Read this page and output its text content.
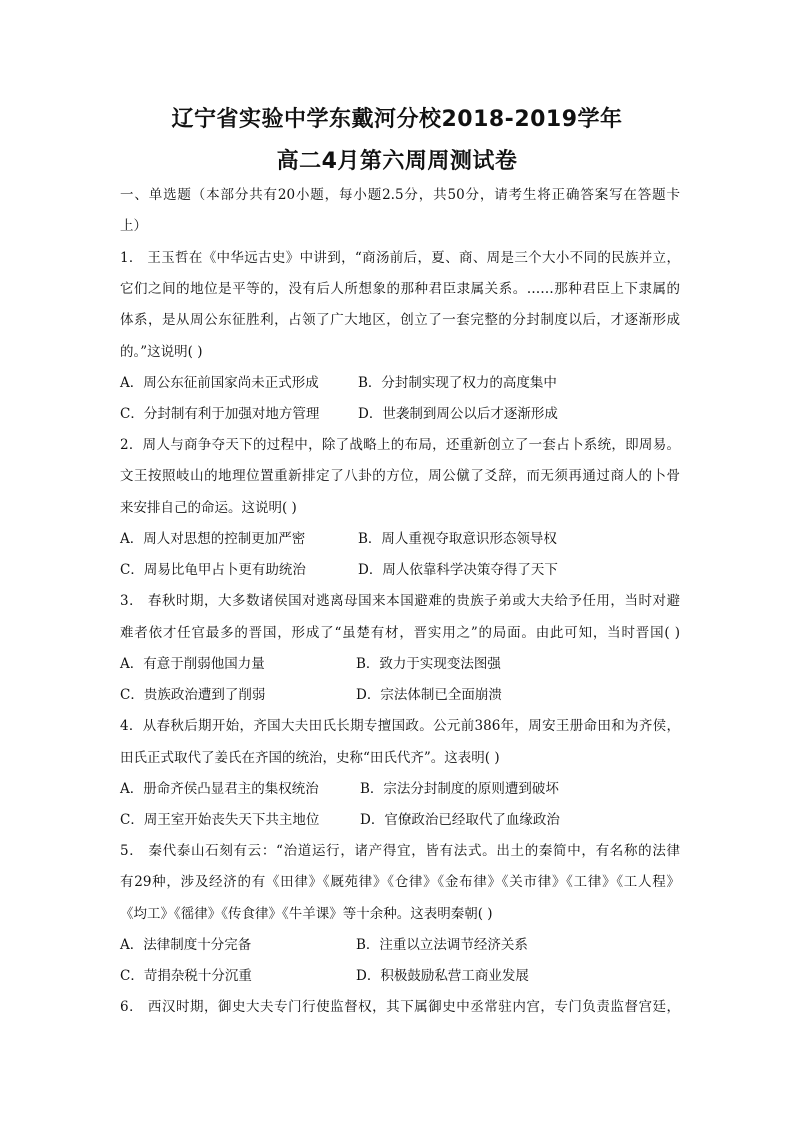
辽宁省实验中学东戴河分校2018-2019学年
高二4月第六周周测试卷
一、单选题（本部分共有20小题，每小题2.5分，共50分，请考生将正确答案写在答题卡
上）
1． 王玉哲在《中华远古史》中讲到，“商汤前后，夏、商、周是三个大小不同的民族并立，
它们之间的地位是平等的，没有后人所想象的那种君臣隶属关系。……那种君臣上下隶属的
体系，是从周公东征胜利，占领了广大地区，创立了一套完整的分封制度以后，才逐渐形成
的。”这说明( )
A．周公东征前国家尚未正式形成	B．分封制实现了权力的高度集中
C．分封制有利于加强对地方管理	D．世袭制到周公以后才逐渐形成
2．周人与商争夺天下的过程中，除了战略上的布局，还重新创立了一套占卜系统，即周易。
文王按照岐山的地理位置重新排定了八卦的方位，周公僦了爻辞，而无须再通过商人的卜骨
来安排自己的命运。这说明( )
A．周人对思想的控制更加严密	B．周人重视夺取意识形态领导权
C．周易比龟甲占卜更有助统治	D．周人依靠科学决策夺得了天下
3． 春秋时期，大多数诸侯国对逃离母国来本国避难的贵族子弟或大夫给予任用，当时对避
难者依才任官最多的晋国，形成了“虽楚有材，晋实用之”的局面。由此可知，当时晋国( )
A．有意于削弱他国力量	B．致力于实现变法图强
C．贵族政治遭到了削弱	D．宗法体制已全面崩溃
4．从春秋后期开始，齐国大夫田氏长期专擅国政。公元前386年，周安王册命田和为齐侯，
田氏正式取代了姜氏在齐国的统治，史称“田氏代齐”。这表明( )
A．册命齐侯凸显君主的集权统治	B．宗法分封制度的原则遭到破坏
C．周王室开始丧失天下共主地位	D．官僚政治已经取代了血缘政治
5． 秦代泰山石刻有云：“治道运行，诸产得宜，皆有法式。出土的秦简中，有名称的法律
有29种，涉及经济的有《田律》《厩苑律》《仓律》《金布律》《关市律》《工律》《工人程》
《均工》《徭律》《传食律》《牛羊课》等十余种。这表明秦朝( )
A．法律制度十分完备	B．注重以立法调节经济关系
C．苛捐杂税十分沉重	D．积极鼓励私营工商业发展
6． 西汉时期，御史大夫专门行使监督权，其下属御史中丞常驻内宫，专门负责监督宫廷，
